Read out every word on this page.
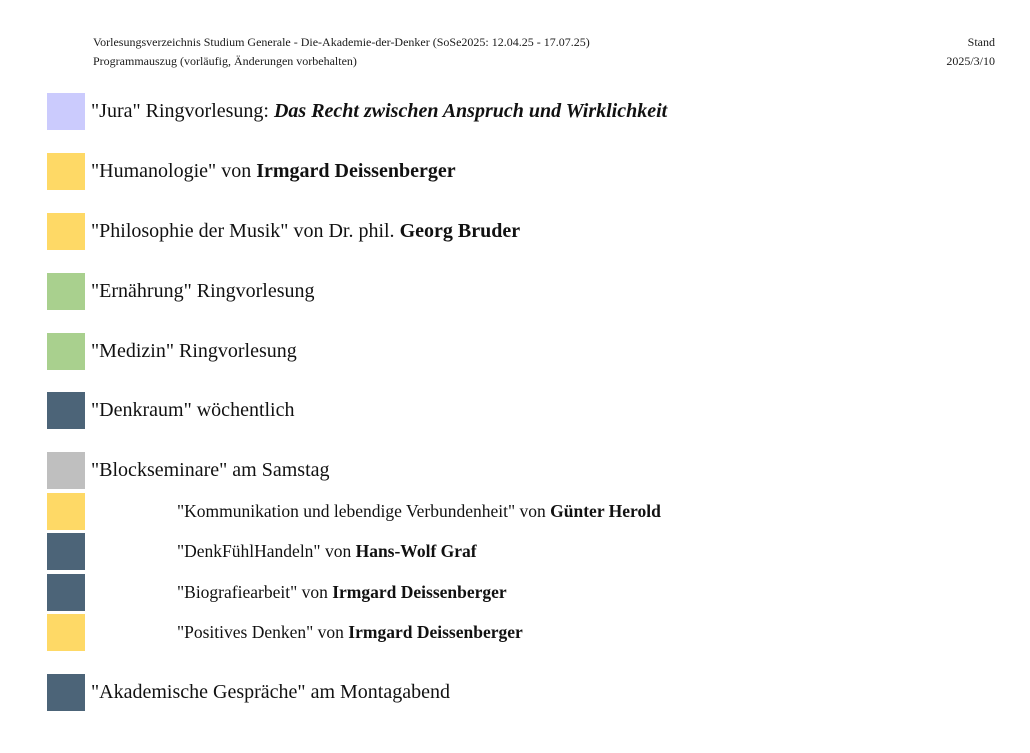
Vorlesungsverzeichnis Studium Generale - Die-Akademie-der-Denker (SoSe2025: 12.04.25 - 17.07.25)
Programmauszug (vorläufig, Änderungen vorbehalten)
Stand
2025/3/10
"Jura" Ringvorlesung: Das Recht zwischen Anspruch und Wirklichkeit
"Humanologie" von Irmgard Deissenberger
"Philosophie der Musik" von Dr. phil. Georg Bruder
"Ernährung" Ringvorlesung
"Medizin" Ringvorlesung
"Denkraum" wöchentlich
"Blockseminare" am Samstag
"Kommunikation und lebendige Verbundenheit" von Günter Herold
"DenkFühlHandeln" von Hans-Wolf Graf
"Biografiearbeit" von Irmgard Deissenberger
"Positives Denken" von Irmgard Deissenberger
"Akademische Gespräche" am Montagabend
